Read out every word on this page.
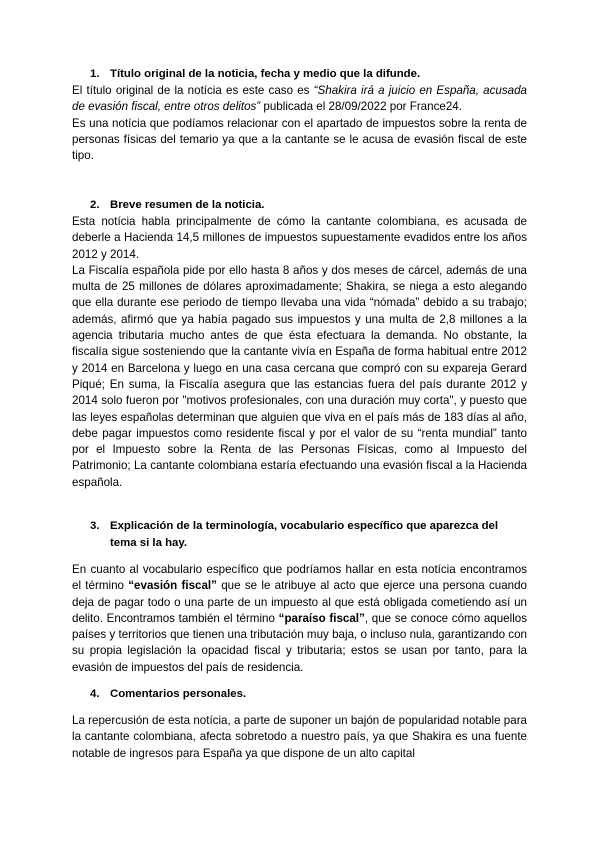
1. Título original de la noticia, fecha y medio que la difunde.

El título original de la notícia es este caso es “Shakira irá a juicio en España, acusada de evasión fiscal, entre otros delitos” publicada el 28/09/2022 por France24.

Es una notícia que podíamos relacionar con el apartado de impuestos sobre la renta de personas físicas del temario ya que a la cantante se le acusa de evasión fiscal de este tipo.

2. Breve resumen de la noticia.

Esta notícia habla principalmente de cómo la cantante colombiana, es acusada de deberle a Hacienda 14,5 millones de impuestos supuestamente evadidos entre los años 2012 y 2014.

La Fiscalía española pide por ello hasta 8 años y dos meses de cárcel, además de una multa de 25 millones de dólares aproximadamente; Shakira, se niega a esto alegando que ella durante ese periodo de tiempo llevaba una vida “nómada” debido a su trabajo; además, afirmó que ya había pagado sus impuestos y una multa de 2,8 millones a la agencia tributaria mucho antes de que ésta efectuara la demanda. No obstante, la fiscalía sigue sosteniendo que la cantante vivía en España de forma habitual entre 2012 y 2014 en Barcelona y luego en una casa cercana que compró con su expareja Gerard Piqué; En suma, la Fiscalía asegura que las estancias fuera del país durante 2012 y 2014 solo fueron por "motivos profesionales, con una duración muy corta", y puesto que las leyes españolas determinan que alguien que viva en el país más de 183 días al año, debe pagar impuestos como residente fiscal y por el valor de su “renta mundial” tanto por el Impuesto sobre la Renta de las Personas Físicas, como al Impuesto del Patrimonio; La cantante colombiana estaría efectuando una evasión fiscal a la Hacienda española.

3. Explicación de la terminología, vocabulario específico que aparezca del tema si la hay.

En cuanto al vocabulario específico que podríamos hallar en esta notícia encontramos el término “evasión fiscal” que se le atribuye al acto que ejerce una persona cuando deja de pagar todo o una parte de un impuesto al que está obligada cometiendo así un delito. Encontramos también el término “paraíso fiscal”, que se conoce cómo aquellos países y territorios que tienen una tributación muy baja, o incluso nula, garantizando con su propia legislación la opacidad fiscal y tributaria; estos se usan por tanto, para la evasión de impuestos del país de residencia.

4. Comentarios personales.

La repercusión de esta notícia, a parte de suponer un bajón de popularidad notable para la cantante colombiana, afecta sobretodo a nuestro país, ya que Shakira es una fuente notable de ingresos para España ya que dispone de un alto capital
